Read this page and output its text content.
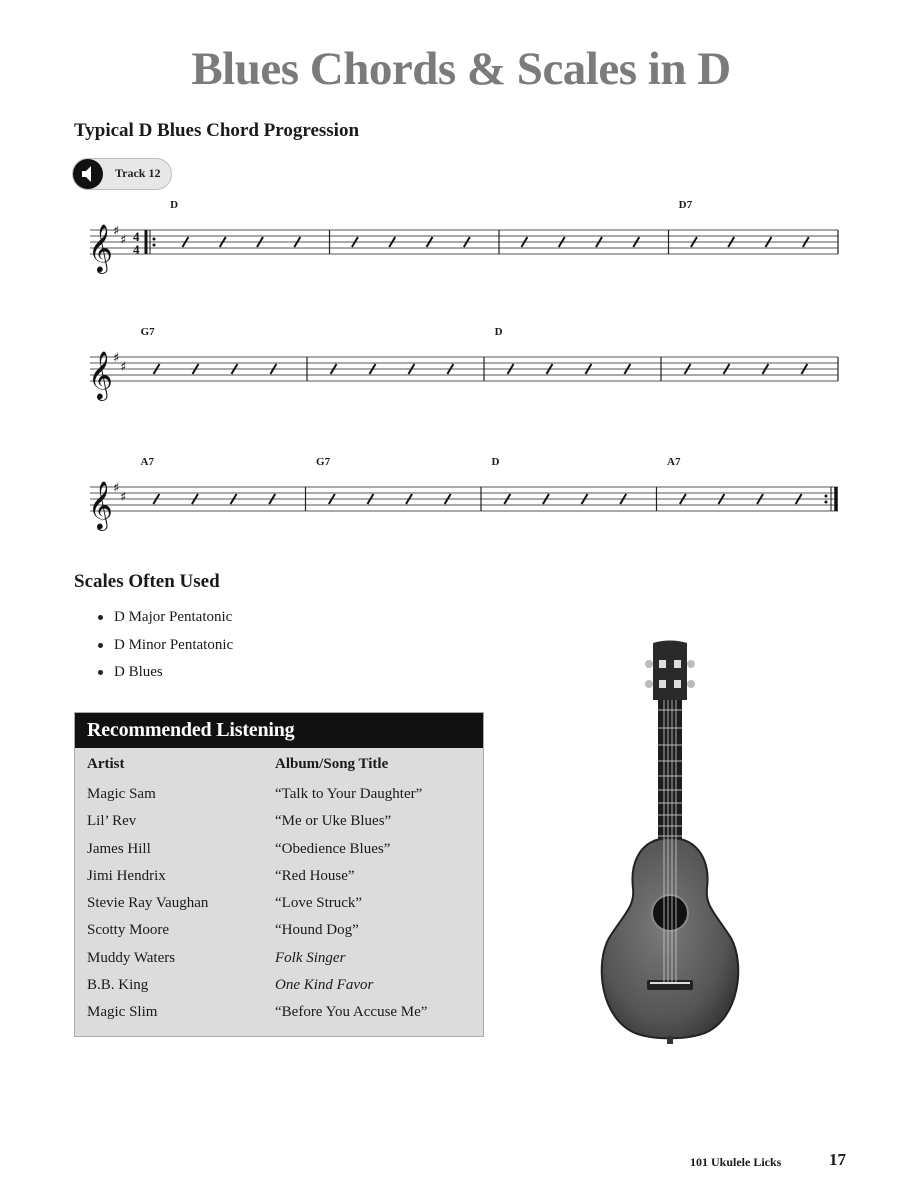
Blues Chords & Scales in D
Typical D Blues Chord Progression
Track 12
𝄞 ♯
♯ 4
4
D	D7
𝄞 ♯
♯
G7	D
𝄞 ♯
♯
A7	G7	D	A7
Scales Often Used
D Major Pentatonic
D Minor Pentatonic
D Blues
Recommended Listening
Artist	Album/Song Title
Magic Sam	“Talk to Your Daughter”
Lil’ Rev	“Me or Uke Blues”
James Hill	“Obedience Blues”
Jimi Hendrix	“Red House”
Stevie Ray Vaughan	“Love Struck”
Scotty Moore	“Hound Dog”
Muddy Waters	Folk Singer
B.B. King	One Kind Favor
Magic Slim	“Before You Accuse Me”
101 Ukulele Licks	17
